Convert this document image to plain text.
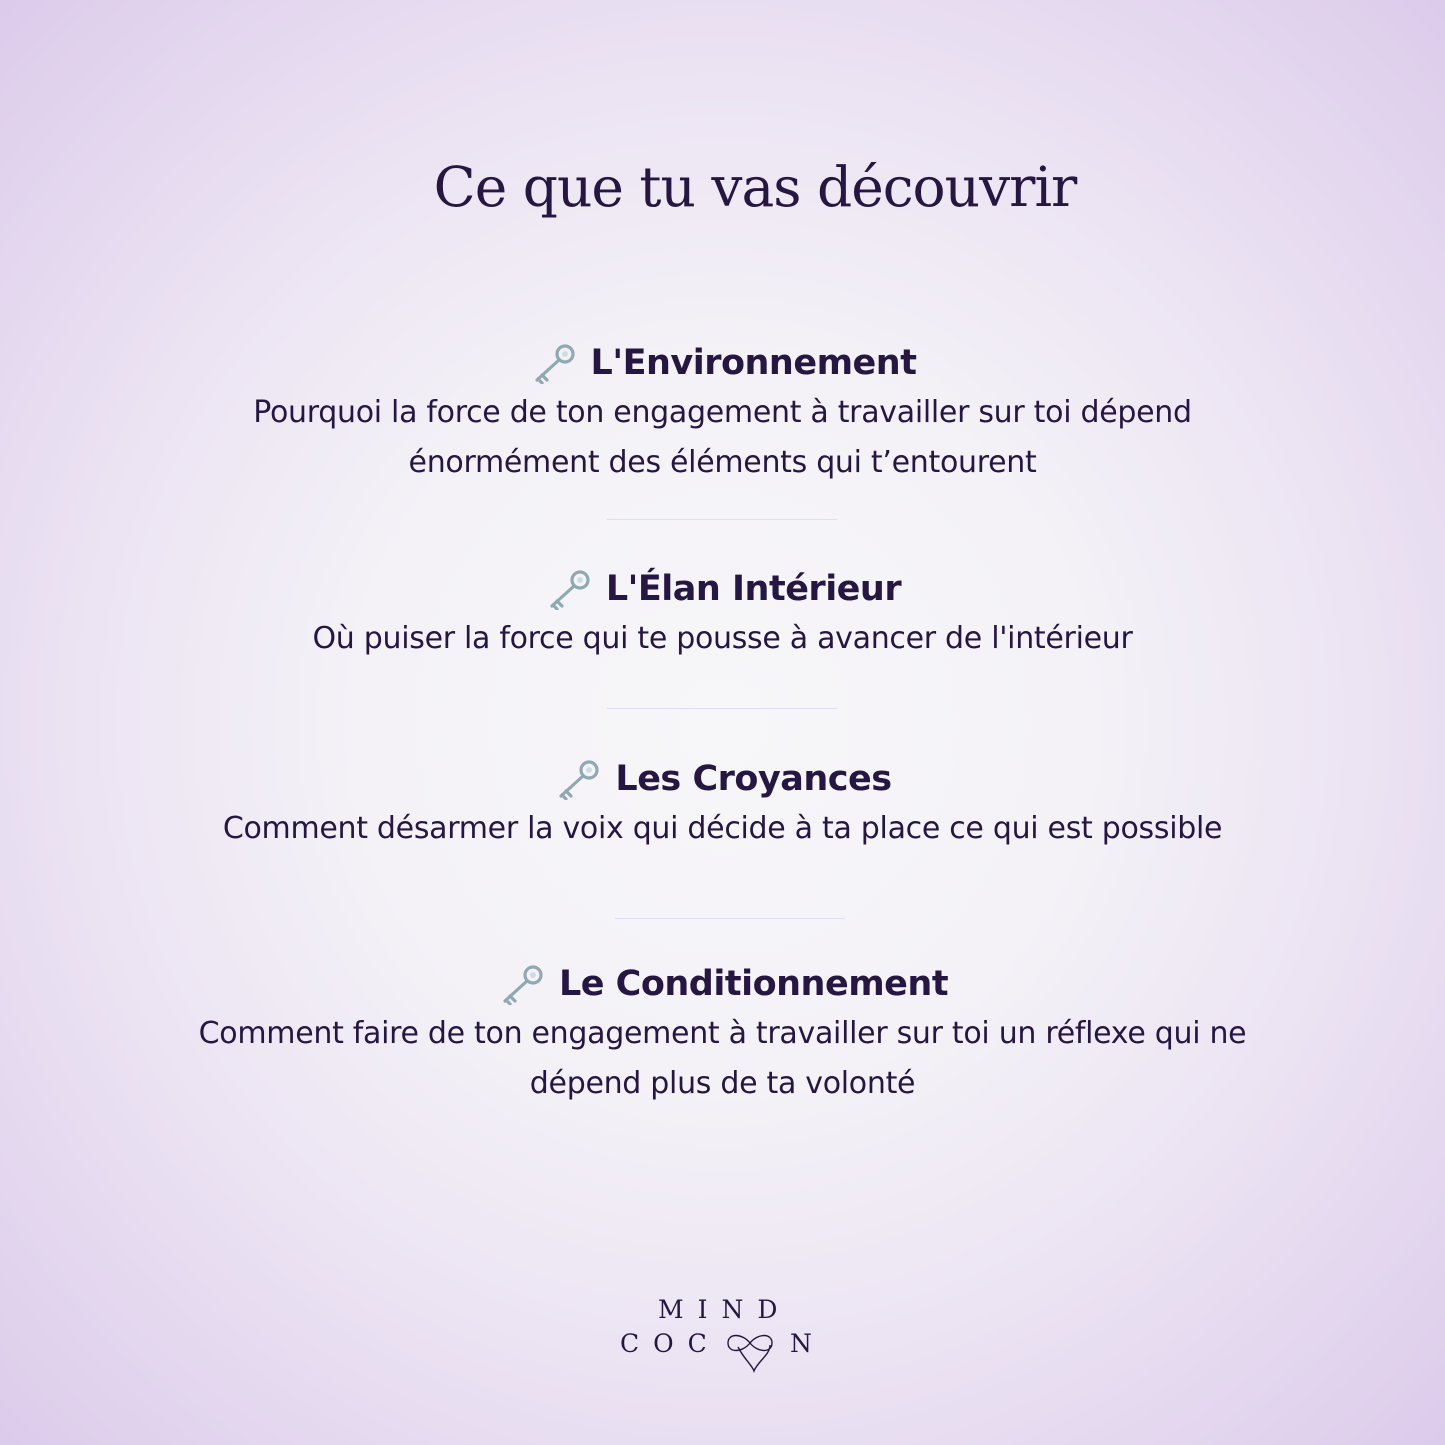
Ce que tu vas découvrir
L'Environnement

Pourquoi la force de ton engagement à travailler sur toi dépend

énormément des éléments qui t’entourent

L'Élan Intérieur

Où puiser la force qui te pousse à avancer de l'intérieur

Les Croyances

Comment désarmer la voix qui décide à ta place ce qui est possible

Le Conditionnement

Comment faire de ton engagement à travailler sur toi un réflexe qui ne

dépend plus de ta volonté

MIND
COC	N
